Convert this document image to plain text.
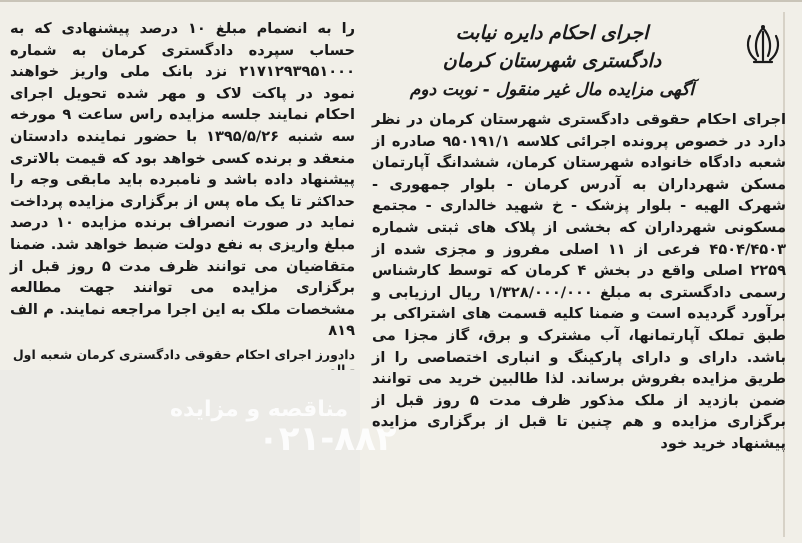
اجرای احکام دایره نیابت
دادگستری شهرستان کرمان
آگهی مزایده مال غیر منقول - نوبت دوم

اجرای احکام حقوقی دادگستری شهرستان کرمان در نظر دارد در خصوص پرونده اجرائی کلاسه ۹۵۰۱۹۱/۱ صادره از شعبه دادگاه خانواده شهرستان کرمان، ششدانگ آپارتمان مسکن شهرداران به آدرس کرمان - بلوار جمهوری - شهرک الهیه - بلوار پزشک - خ شهید خالداری - مجتمع مسکونی شهرداران که بخشی از پلاک های ثبتی شماره ۴۵۰۴/۴۵۰۳ فرعی از ۱۱ اصلی مفروز و مجزی شده از ۲۲۵۹ اصلی واقع در بخش ۴ کرمان که توسط کارشناس رسمی دادگستری به مبلغ ۱/۳۲۸/۰۰۰/۰۰۰ ریال ارزیابی و برآورد گردیده است و ضمنا کلیه قسمت های اشتراکی بر طبق تملک آپارتمانها، آب مشترک و برق، گاز مجزا می باشد. دارای و دارای پارکینگ و انباری اختصاصی را از طریق مزایده بفروش برساند. لذا طالبین خرید می توانند ضمن بازدید از ملک مذکور ظرف مدت ۵ روز قبل از برگزاری مزایده و هم چنین تا قبل از برگزاری مزایده پیشنهاد خرید خود

را به انضمام مبلغ ۱۰ درصد پیشنهادی که به حساب سپرده دادگستری کرمان به شماره ۲۱۷۱۲۹۳۹۵۱۰۰۰ نزد بانک ملی واریز خواهند نمود در پاکت لاک و مهر شده تحویل اجرای احکام نمایند جلسه مزایده راس ساعت ۹ مورخه سه شنبه ۱۳۹۵/۵/۲۶ با حضور نماینده دادستان منعقد و برنده کسی خواهد بود که قیمت بالاتری پیشنهاد داده باشد و نامبرده باید مابقی وجه را حداکثر تا یک ماه پس از برگزاری مزایده پرداخت نماید در صورت انصراف برنده مزایده ۱۰ درصد مبلغ واریزی به نفع دولت ضبط خواهد شد. ضمنا متقاضیان می توانند ظرف مدت ۵ روز قبل از برگزاری مزایده می توانند جهت مطالعه مشخصات ملک به این اجرا مراجعه نمایند. م الف ۸۱۹

دادورز اجرای احکام حقوقی دادگستری کرمان شعبه اول
مناقصه و مزایده
۰۲۱-۸۸۲
